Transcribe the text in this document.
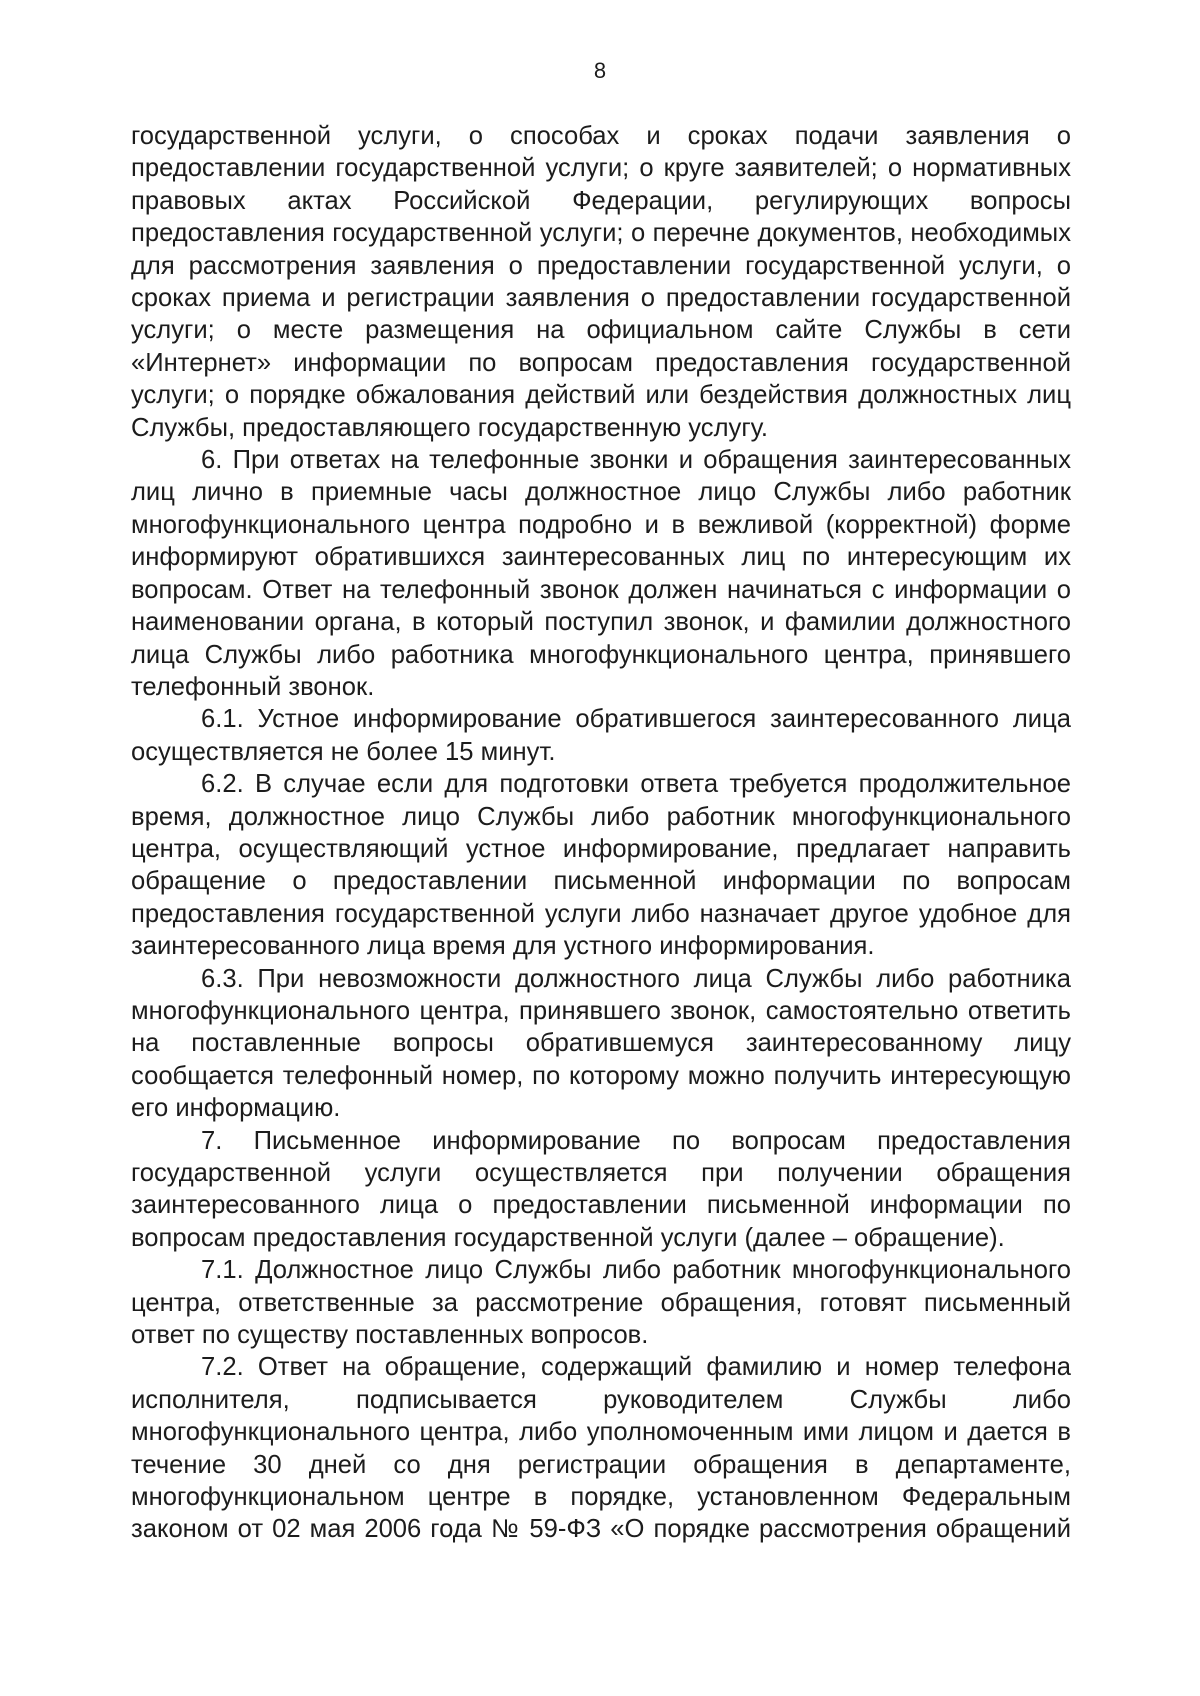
8

государственной услуги, о способах и сроках подачи заявления о предоставлении государственной услуги; о круге заявителей; о нормативных правовых актах Российской Федерации, регулирующих вопросы предоставления государственной услуги; о перечне документов, необходимых для рассмотрения заявления о предоставлении государственной услуги, о сроках приема и регистрации заявления о предоставлении государственной услуги; о месте размещения на официальном сайте Службы в сети «Интернет» информации по вопросам предоставления государственной услуги; о порядке обжалования действий или бездействия должностных лиц Службы, предоставляющего государственную услугу.

6. При ответах на телефонные звонки и обращения заинтересованных лиц лично в приемные часы должностное лицо Службы либо работник многофункционального центра подробно и в вежливой (корректной) форме информируют обратившихся заинтересованных лиц по интересующим их вопросам. Ответ на телефонный звонок должен начинаться с информации о наименовании органа, в который поступил звонок, и фамилии должностного лица Службы либо работника многофункционального центра, принявшего телефонный звонок.

6.1. Устное информирование обратившегося заинтересованного лица осуществляется не более 15 минут.

6.2. В случае если для подготовки ответа требуется продолжительное время, должностное лицо Службы либо работник многофункционального центра, осуществляющий устное информирование, предлагает направить обращение о предоставлении письменной информации по вопросам предоставления государственной услуги либо назначает другое удобное для заинтересованного лица время для устного информирования.

6.3. При невозможности должностного лица Службы либо работника многофункционального центра, принявшего звонок, самостоятельно ответить на поставленные вопросы обратившемуся заинтересованному лицу сообщается телефонный номер, по которому можно получить интересующую его информацию.

7. Письменное информирование по вопросам предоставления государственной услуги осуществляется при получении обращения заинтересованного лица о предоставлении письменной информации по вопросам предоставления государственной услуги (далее – обращение).

7.1. Должностное лицо Службы либо работник многофункционального центра, ответственные за рассмотрение обращения, готовят письменный ответ по существу поставленных вопросов.

7.2. Ответ на обращение, содержащий фамилию и номер телефона исполнителя, подписывается руководителем Службы либо многофункционального центра, либо уполномоченным ими лицом и дается в течение 30 дней со дня регистрации обращения в департаменте, многофункциональном центре в порядке, установленном Федеральным законом от 02 мая 2006 года № 59-ФЗ «О порядке рассмотрения обращений
